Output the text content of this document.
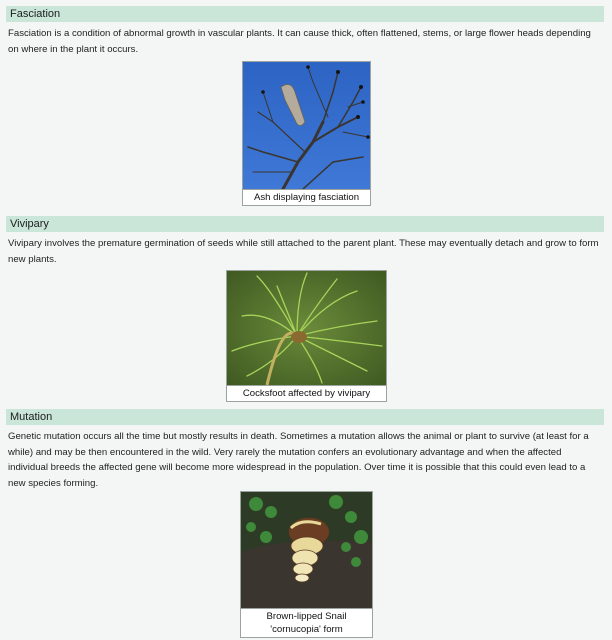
Fasciation
Fasciation is a condition of abnormal growth in vascular plants. It can cause thick, often flattened, stems, or large flower heads depending on where in the plant it occurs.
Ash displaying fasciation
Vivipary
Vivipary involves the premature germination of seeds while still attached to the parent plant. These may eventually detach and grow to form new plants.
Cocksfoot affected by vivipary
Mutation
Genetic mutation occurs all the time but mostly results in death. Sometimes a mutation allows the animal or plant to survive (at least for a while) and may be then encountered in the wild. Very rarely the mutation confers an evolutionary advantage and when the affected individual breeds the affected gene will become more widespread in the population. Over time it is possible that this could even lead to a new species forming.
Brown-lipped Snail
'cornucopia' form
